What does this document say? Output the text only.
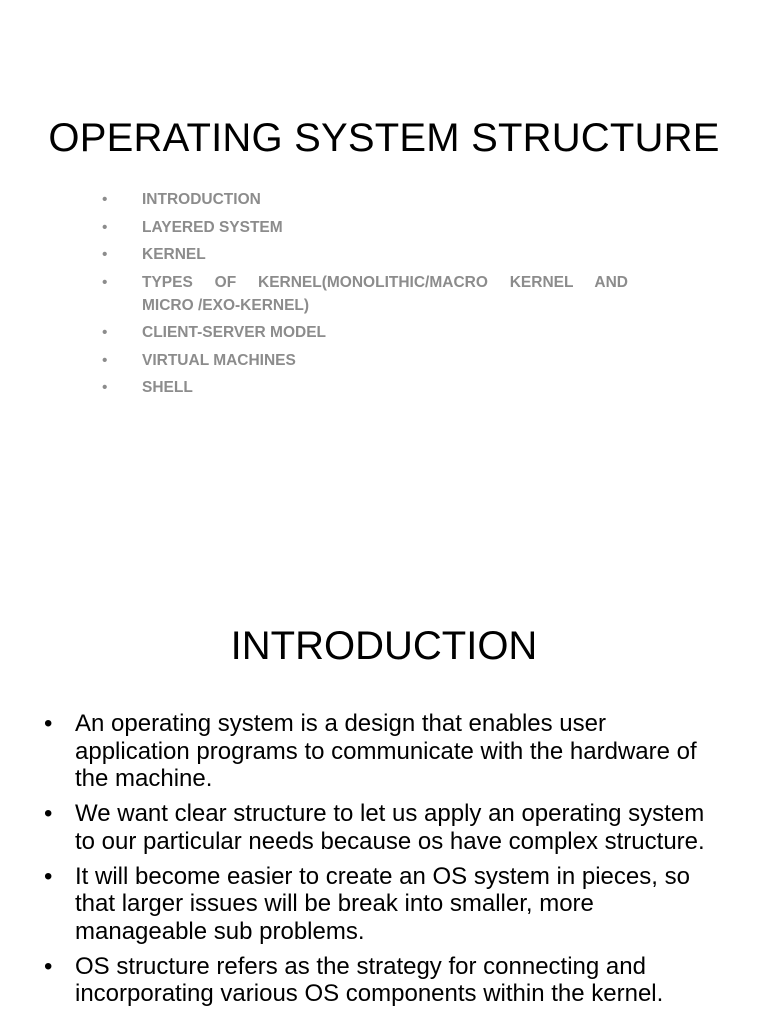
OPERATING SYSTEM STRUCTURE
• INTRODUCTION
• LAYERED SYSTEM
• KERNEL
• TYPES OF KERNEL(MONOLITHIC/MACRO KERNEL AND
MICRO /EXO-KERNEL)
• CLIENT-SERVER MODEL
• VIRTUAL MACHINES
• SHELL
INTRODUCTION
• An operating system is a design that enables user application programs to communicate with the hardware of the machine.
• We want clear structure to let us apply an operating system to our particular needs because os have complex structure.
• It will become easier to create an OS system in pieces, so that larger issues will be break into smaller, more manageable sub problems.
• OS structure refers as the strategy for connecting and incorporating various OS components within the kernel.
